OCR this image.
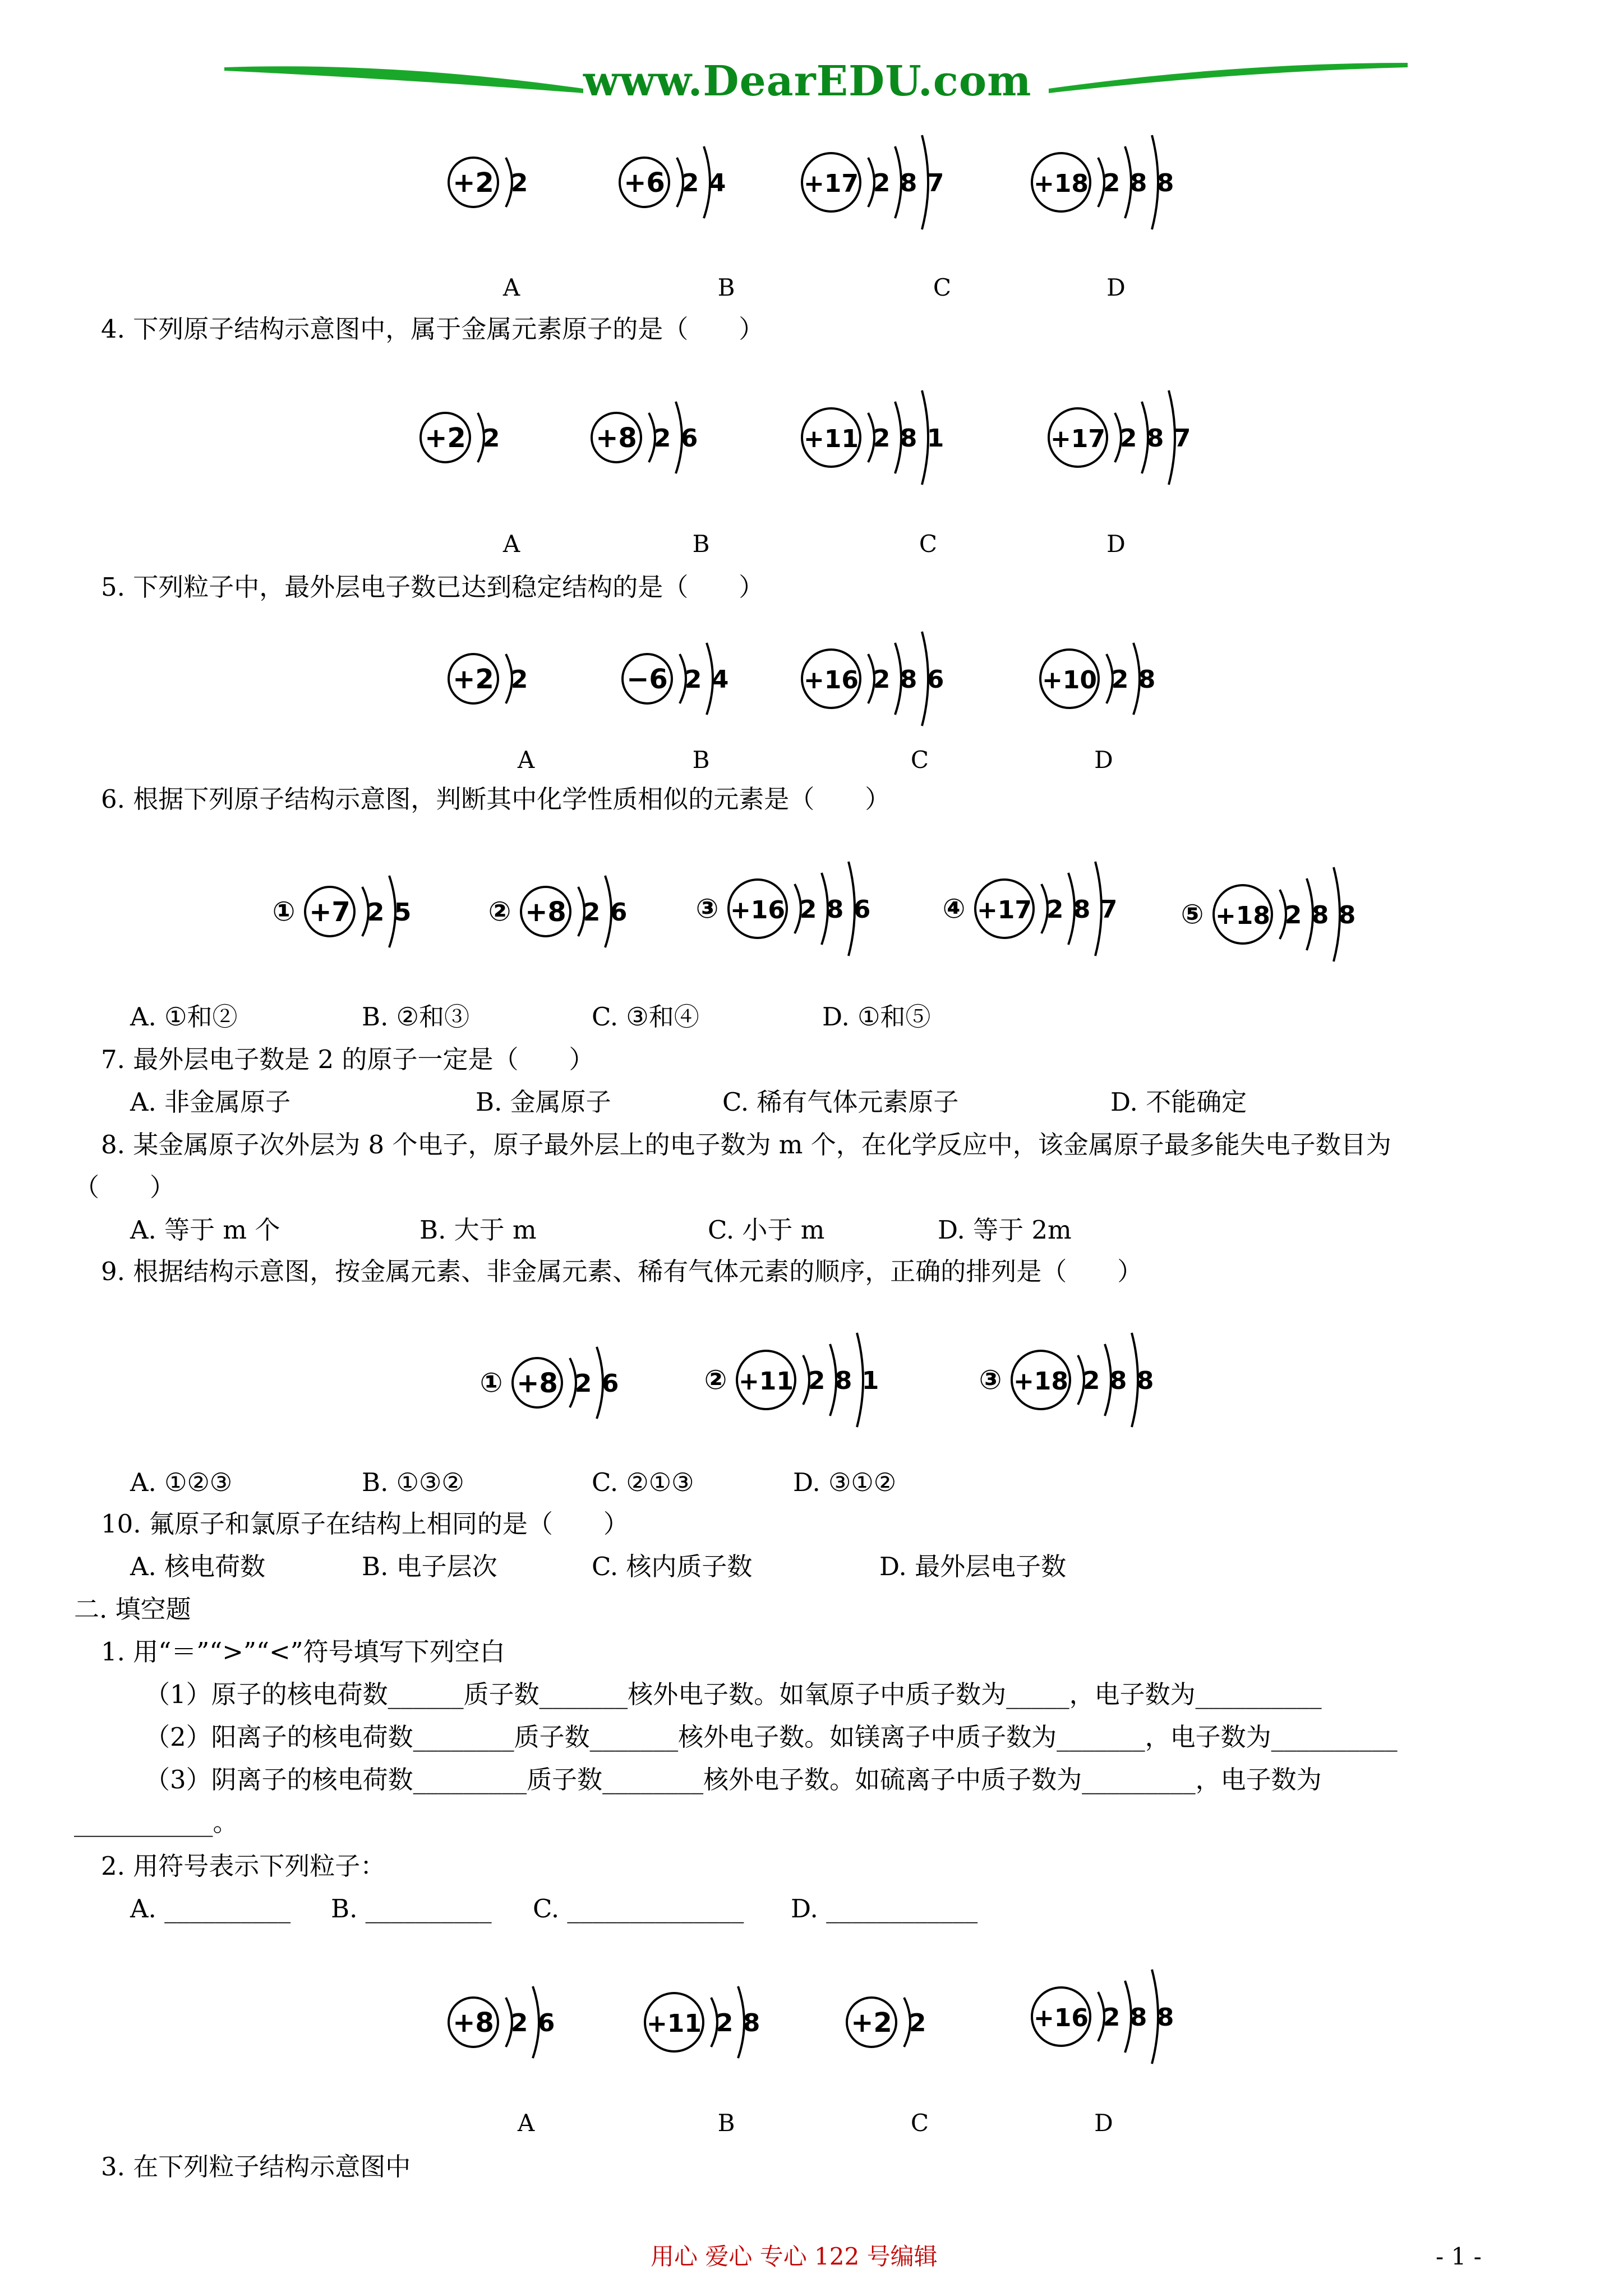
www.DearEDU.com
+2 2	+6 2 4	+17 2 8 7	+18 2 8 8
A	B	C	D
4. 下列原子结构示意图中，属于金属元素原子的是（　　）
+2 2	+8 2 6	+11 2 8 1	+17 2 8 7
A	B	C	D
5. 下列粒子中，最外层电子数已达到稳定结构的是（　　）
+2 2	−6 2 4	+16 2 8 6	+10 2 8
A	B	C	D
6. 根据下列原子结构示意图，判断其中化学性质相似的元素是（　　）
① +7 2 5	② +8 2 6	③ +16 2 8 6	④ +17 2 8 7 ⑤ +18 2 8 8
A. ①和②	B. ②和③	C. ③和④	D. ①和⑤
7. 最外层电子数是 2 的原子一定是（　　）
A. 非金属原子	B. 金属原子	C. 稀有气体元素原子	D. 不能确定
8. 某金属原子次外层为 8 个电子，原子最外层上的电子数为 m 个，在化学反应中，该金属原子最多能失电子数目为
（　　）
A. 等于 m 个	B. 大于 m	C. 小于 m	D. 等于 2m
9. 根据结构示意图，按金属元素、非金属元素、稀有气体元素的顺序，正确的排列是（　　）
① +8 2 6	② +11 2 8 1	③ +18 2 8 8
A. ①②③	B. ①③②	C. ②①③	D. ③①②
10. 氟原子和氯原子在结构上相同的是（　　）
A. 核电荷数	B. 电子层次	C. 核内质子数	D. 最外层电子数
二. 填空题
1. 用“＝”“>”“<”符号填写下列空白
（1）原子的核电荷数______质子数_______核外电子数。如氧原子中质子数为_____，电子数为__________
（2）阳离子的核电荷数________质子数_______核外电子数。如镁离子中质子数为_______，电子数为__________
（3）阴离子的核电荷数_________质子数________核外电子数。如硫离子中质子数为_________，电子数为
___________。
2. 用符号表示下列粒子：
A. __________ B. __________ C. ______________ D. ____________
+8 2 6	+11 2 8	+2 2	+16 2 8 8
A	B	C	D
3. 在下列粒子结构示意图中
用心 爱心 专心 122 号编辑	- 1 -
